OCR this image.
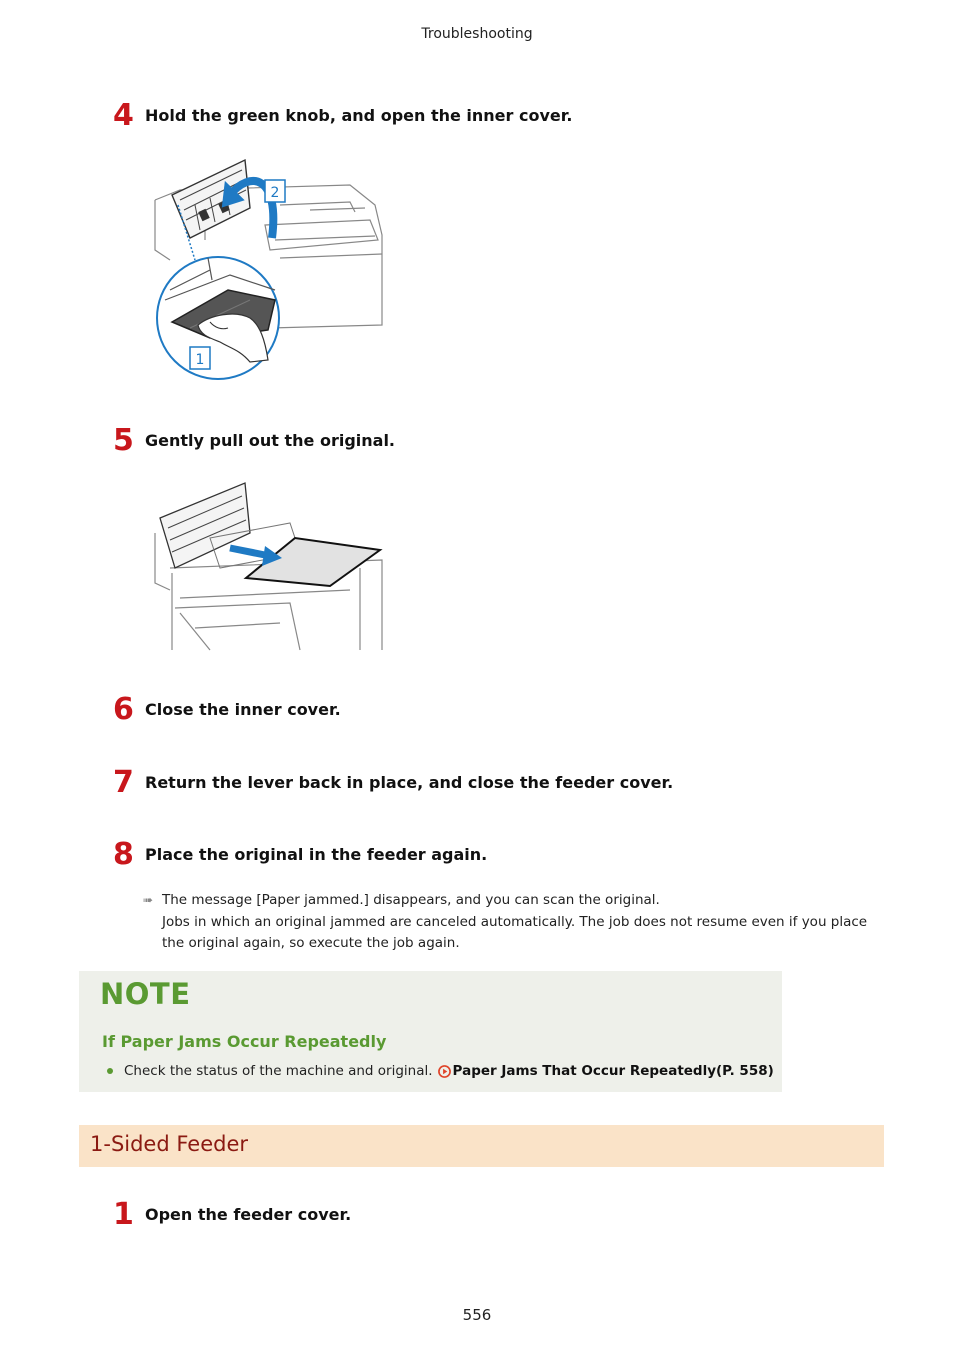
Troubleshooting
4 Hold the green knob, and open the inner cover.
2
1
5 Gently pull out the original.
6 Close the inner cover.
7 Return the lever back in place, and close the feeder cover.
8 Place the original in the feeder again.
➠ The message [Paper jammed.] disappears, and you can scan the original.

Jobs in which an original jammed are canceled automatically. The job does not resume even if you place the original again, so execute the job again.

NOTE
If Paper Jams Occur Repeatedly
Check the status of the machine and original. Paper Jams That Occur Repeatedly(P. 558)
1-Sided Feeder
1 Open the feeder cover.
556
